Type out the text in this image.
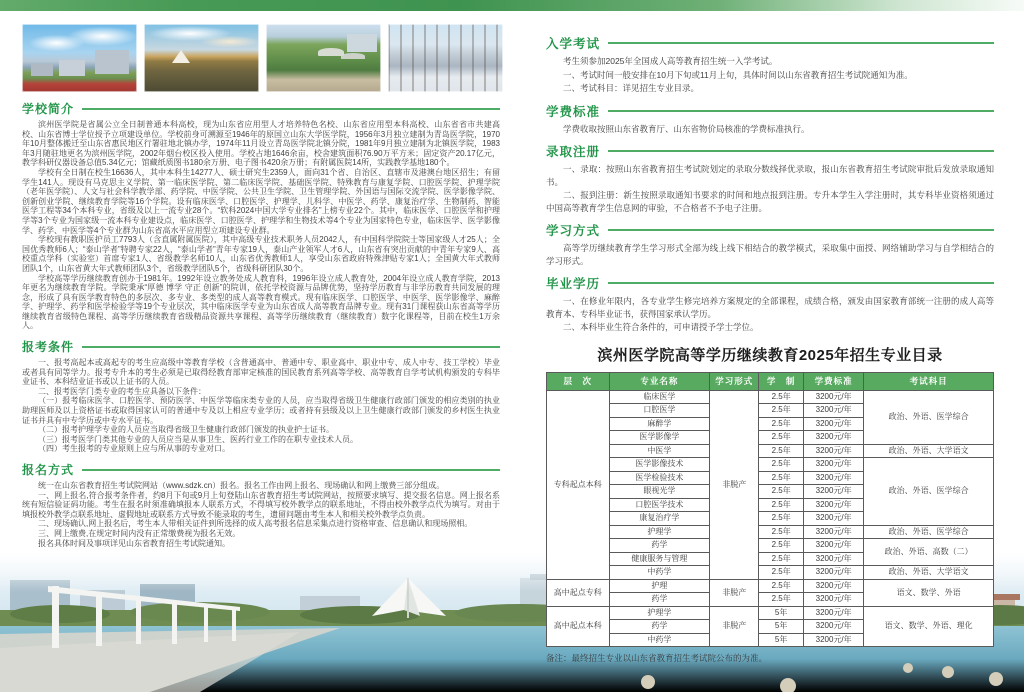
学校简介

滨州医学院是省属公立全日制普通本科高校，现为山东省应用型人才培养特色名校、山东省应用型本科高校、山东省省市共建高校、山东省博士学位授予立项建设单位。学校前身可溯源至1946年的原国立山东大学医学院，1956年3月独立建制为青岛医学院，1970年10月整体搬迁至山东省惠民地区行署驻地北镇办学，1974年11月设立青岛医学院北镇分院，1981年9月独立建制为北镇医学院，1983年3月随驻地更名为滨州医学院，2002年烟台校区投入使用。学校占地1646余亩，校舍建筑面积76.90万平方米；固定资产20.17亿元，教学科研仪器设备总值5.34亿元；馆藏纸质图书180余万册、电子图书420余万册；有附属医院14所，实践教学基地180个。

学校有全日制在校生16636人，其中本科生14277人、硕士研究生2359人，面向31个省、自治区、直辖市及港澳台地区招生；有留学生141人。现设有马克思主义学院、第一临床医学院、第二临床医学院、基础医学院、特殊教育与康复学院、口腔医学院、护理学院（老年医学院）、人文与社会科学教学部、药学院、中医学院、公共卫生学院、卫生管理学院、外国语与国际交流学院、医学影像学院、创新创业学院、继续教育学院等16个学院。设有临床医学、口腔医学、护理学、儿科学、中医学、药学、康复治疗学、生物制药、智能医学工程等34个本科专业，省级及以上一流专业28个。“软科2024中国大学专业排名”上榜专业22个。其中，临床医学、口腔医学和护理学等3个专业为国家级一流本科专业建设点，临床医学、口腔医学、护理学和生物技术等4个专业为国家特色专业，临床医学、医学影像学、药学、中医学等4个专业群为山东省高水平应用型立项建设专业群。

学校现有教职医护员工7793人（含直属附属医院），其中高级专业技术职务人员2042人，有中国科学院院士等国家级人才25人；全国优秀教师6人；“泰山学者”特聘专家22人，“泰山学者”青年专家19人，泰山产业领军人才6人，山东省有突出贡献的中青年专家9人、高校重点学科（实验室）首席专家1人、省级教学名师10人，山东省优秀教师1人，享受山东省政府特殊津贴专家1人；全国黄大年式教师团队1个，山东省黄大年式教师团队3个，省级教学团队5个，省级科研团队30个。

学校高等学历继续教育创办于1981年。1992年设立教务处成人教育科，1996年设立成人教育处，2004年设立成人教育学院，2013年更名为继续教育学院。学院秉承“厚德 博学 守正 创新”的院训，依托学校资源与品牌优势，坚持学历教育与非学历教育共同发展的理念，形成了具有医学教育特色的多层次、多专业、多类型的成人高等教育模式。现有临床医学、口腔医学、中医学、医学影像学、麻醉学、护理学、药学和医学检验学等19个专业层次，其中临床医学专业为山东省成人高等教育品牌专业。现有31门课程获山东省高等学历继续教育省级特色课程、高等学历继续教育省级精品资源共享课程、高等学历继续教育（继续教育）数字化课程等，目前在校生1万余人。

报考条件

一、报考高起本或高起专的考生应高级中等教育学校（含普通高中、普通中专、职业高中、职业中专、成人中专、技工学校）毕业或者具有同等学力。报考专升本的考生必须是已取得经教育部审定核准的国民教育系列高等学校、高等教育自学考试机构颁发的专科毕业证书、本科结业证书或以上证书的人员。

二、报考医学门类专业的考生应具备以下条件：

（一）报考临床医学、口腔医学、预防医学、中医学等临床类专业的人员，应当取得省级卫生健康行政部门颁发的相应类别的执业助理医师及以上资格证书或取得国家认可的普通中专及以上相应专业学历；或者持有县级及以上卫生健康行政部门颁发的乡村医生执业证书并具有中专学历或中专水平证书。

（二）报考护理学专业的人员应当取得省级卫生健康行政部门颁发的执业护士证书。

（三）报考医学门类其他专业的人员应当是从事卫生、医药行业工作的在职专业技术人员。

（四）考生报考的专业原则上应与所从事的专业对口。

报名方式

统一在山东省教育招生考试院网站（www.sdzk.cn）报名。报名工作由网上报名、现场确认和网上缴费三部分组成。

一、网上报名,符合报考条件者，约8月下旬或9月上旬登陆山东省教育招生考试院网站，按照要求填写、提交报名信息。网上报名系统有短信验证码功能。考生在报名时须准确填报本人联系方式，不得填写校外教学点的联系地址，不得由校外教学点代为填写。对由于填报校外教学点联系地址、虚假地址或联系方式导致不能录取的考生，遗留问题由考生本人和相关校外教学点负责。

二、现场确认,网上报名后，考生本人带相关证件到所选择的成人高考报名信息采集点进行资格审查、信息确认和现场照相。

三、网上缴费,在规定时间内没有正常缴费视为报名无效。

报名具体时间及事项详见山东省教育招生考试院通知。

入学考试

考生须参加2025年全国成人高等教育招生统一入学考试。

一、考试时间一般安排在10月下旬或11月上旬，具体时间以山东省教育招生考试院通知为准。

二、考试科目：详见招生专业目录。

学费标准

学费收取按照山东省教育厅、山东省物价局核准的学费标准执行。

录取注册

一、录取：按照山东省教育招生考试院划定的录取分数线择优录取，报山东省教育招生考试院审批后发放录取通知书。

二、报到注册：新生按照录取通知书要求的时间和地点报到注册。专升本学生入学注册时，其专科毕业资格须通过中国高等教育学生信息网的审验，不合格者不予电子注册。

学习方式

高等学历继续教育学生学习形式全部为线上线下相结合的教学模式，采取集中面授、网络辅助学习与自学相结合的学习形式。

毕业学历

一、在修业年限内，各专业学生修完培养方案规定的全部课程，成绩合格，颁发由国家教育部统一注册的成人高等教育本、专科毕业证书，获得国家承认学历。

二、本科毕业生符合条件的，可申请授予学士学位。

滨州医学院高等学历继续教育2025年招生专业目录
层　次	专业名称	学习形式	学　制	学费标准	考试科目
专科起点本科	临床医学	非脱产	2.5年	3200元/年	政治、外语、医学综合
	口腔医学		2.5年	3200元/年	
	麻醉学		2.5年	3200元/年	
	医学影像学		2.5年	3200元/年	
	中医学		2.5年	3200元/年	政治、外语、大学语文
	医学影像技术		2.5年	3200元/年	政治、外语、医学综合
	医学检验技术		2.5年	3200元/年	
	眼视光学		2.5年	3200元/年	
	口腔医学技术		2.5年	3200元/年	
	康复治疗学		2.5年	3200元/年	
	护理学		2.5年	3200元/年	政治、外语、医学综合
	药学		2.5年	3200元/年	政治、外语、高数（二）
	健康服务与管理		2.5年	3200元/年	
	中药学		2.5年	3200元/年	政治、外语、大学语文
高中起点专科	护理	非脱产	2.5年	3200元/年	语文、数学、外语
	药学		2.5年	3200元/年	
高中起点本科	护理学	非脱产	5年	3200元/年	语文、数学、外语、理化
	药学		5年	3200元/年	
	中药学		5年	3200元/年	
备注：最终招生专业以山东省教育招生考试院公布的为准。
